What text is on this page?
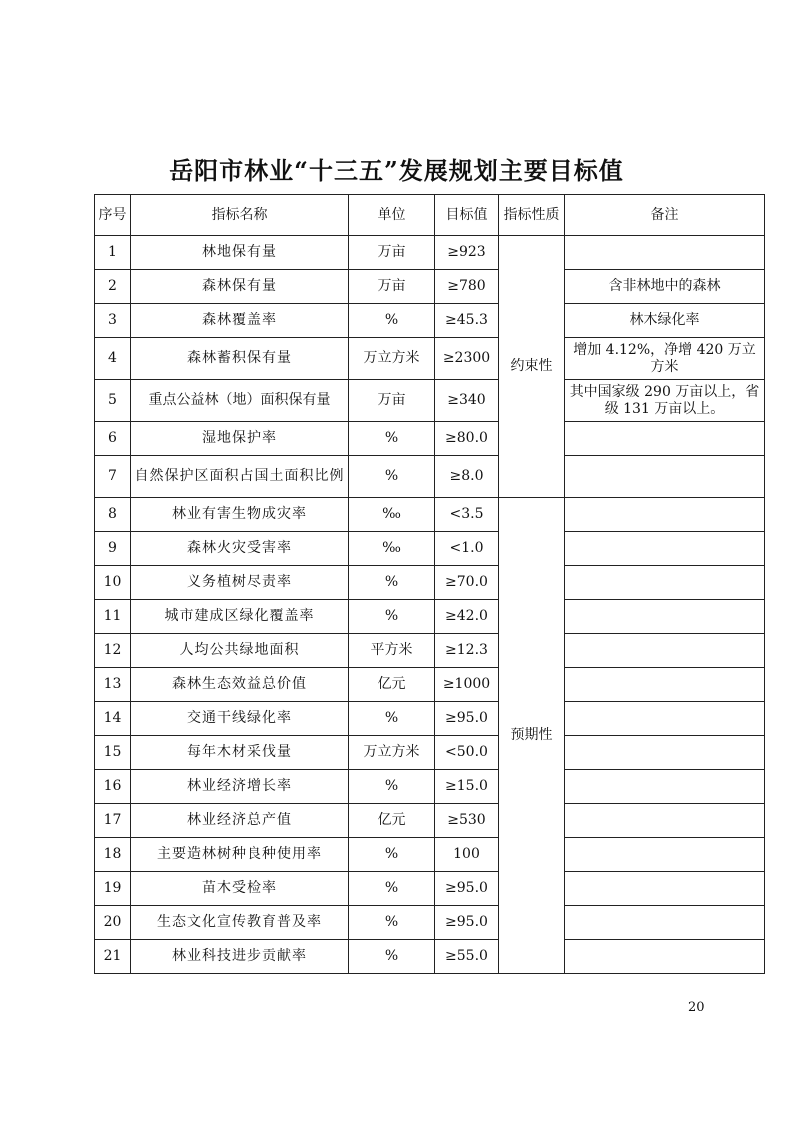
岳阳市林业“十三五”发展规划主要目标值
序号	指标名称	单位	目标值	指标性质	备注
1	林地保有量	万亩	≥923	约束性	
2	森林保有量	万亩	≥780		含非林地中的森林
3	森林覆盖率	%	≥45.3		林木绿化率
4	森林蓄积保有量	万立方米	≥2300		增加 4.12%，净增 420 万立方米
5	重点公益林（地）面积保有量	万亩	≥340		其中国家级 290 万亩以上，省级 131 万亩以上。
6	湿地保护率	%	≥80.0		
7	自然保护区面积占国土面积比例	%	≥8.0		
8	林业有害生物成灾率	‰	<3.5	预期性	
9	森林火灾受害率	‰	<1.0		
10	义务植树尽责率	%	≥70.0		
11	城市建成区绿化覆盖率	%	≥42.0		
12	人均公共绿地面积	平方米	≥12.3		
13	森林生态效益总价值	亿元	≥1000		
14	交通干线绿化率	%	≥95.0		
15	每年木材采伐量	万立方米	<50.0		
16	林业经济增长率	%	≥15.0		
17	林业经济总产值	亿元	≥530		
18	主要造林树种良种使用率	%	100		
19	苗木受检率	%	≥95.0		
20	生态文化宣传教育普及率	%	≥95.0		
21	林业科技进步贡献率	%	≥55.0		
20
